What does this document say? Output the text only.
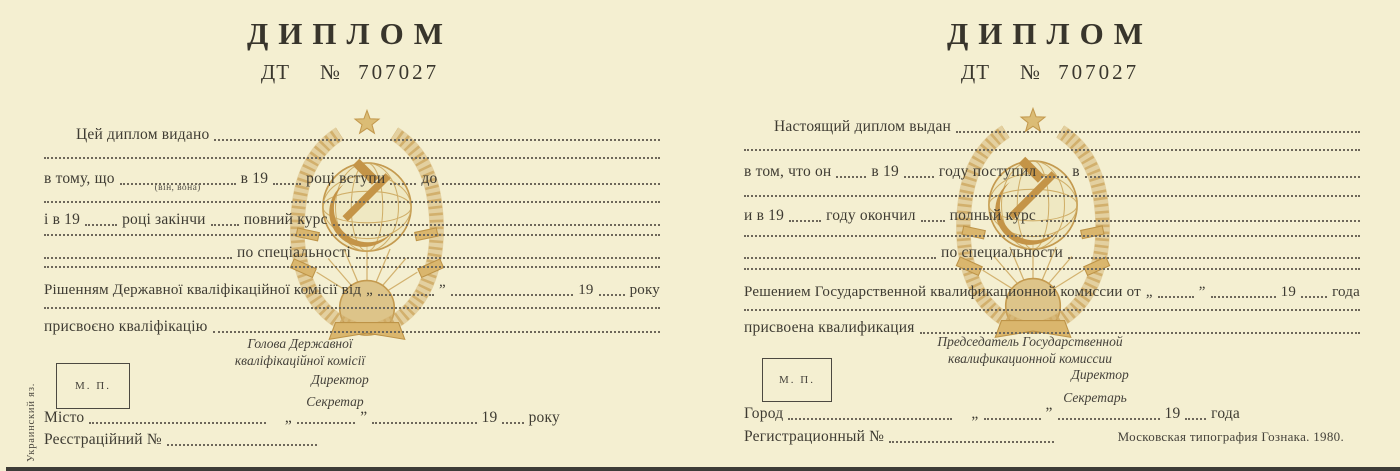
ДИПЛОМ
ДТ № 707027
Цей диплом видано
в тому, що
(він, вона)
в 19 році вступи до
і в 19	році закінчи повний курс
по спеціальності
Рішенням Державної кваліфікаційної комісії від „	”	19 року
присвоєно кваліфікацію
Голова Державної
кваліфікаційної комісії
М. П.	Директор
Секретар
Місто	„	”	19 року
Реєстраційний №
Украинский яз.
ДИПЛОМ
ДТ № 707027
Настоящий диплом выдан
в том, что он	в 19	году поступил в
и в 19	году окончил полный курс
по специальности
Решением Государственной квалификационной комиссии от „	”	19 года
присвоена квалификация
Председатель Государственной
квалификационной комиссии
М. П.	Директор
Секретарь
Город	„	”	19 года
Регистрационный №	Московская типография Гознака. 1980.
